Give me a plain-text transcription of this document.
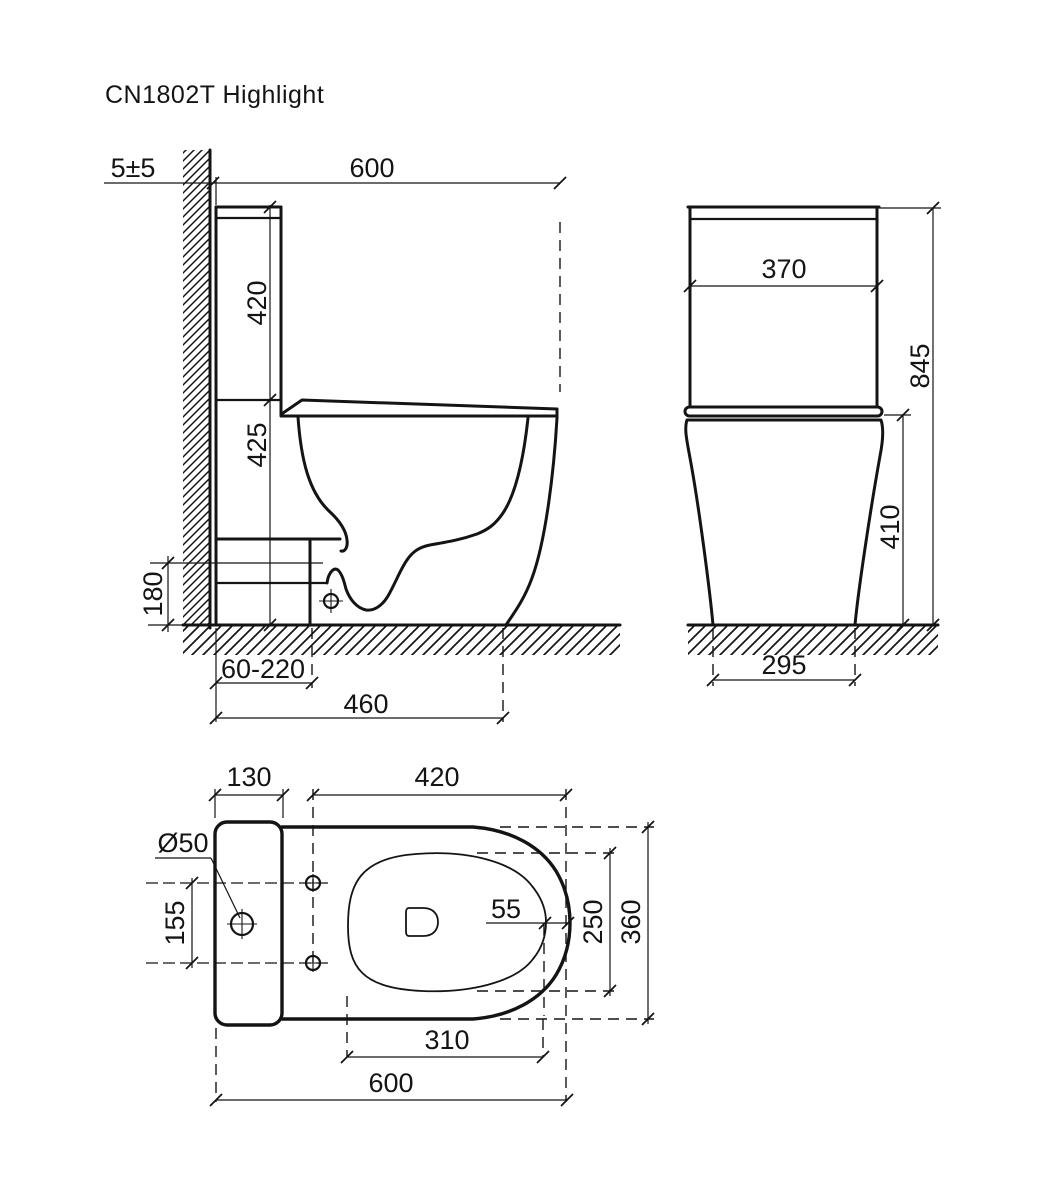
CN1802T Highlight
5±5	600
420
425
180
60-220
460
370
845
410
295
Ø50
155
130	420
55 250 360
310
600
